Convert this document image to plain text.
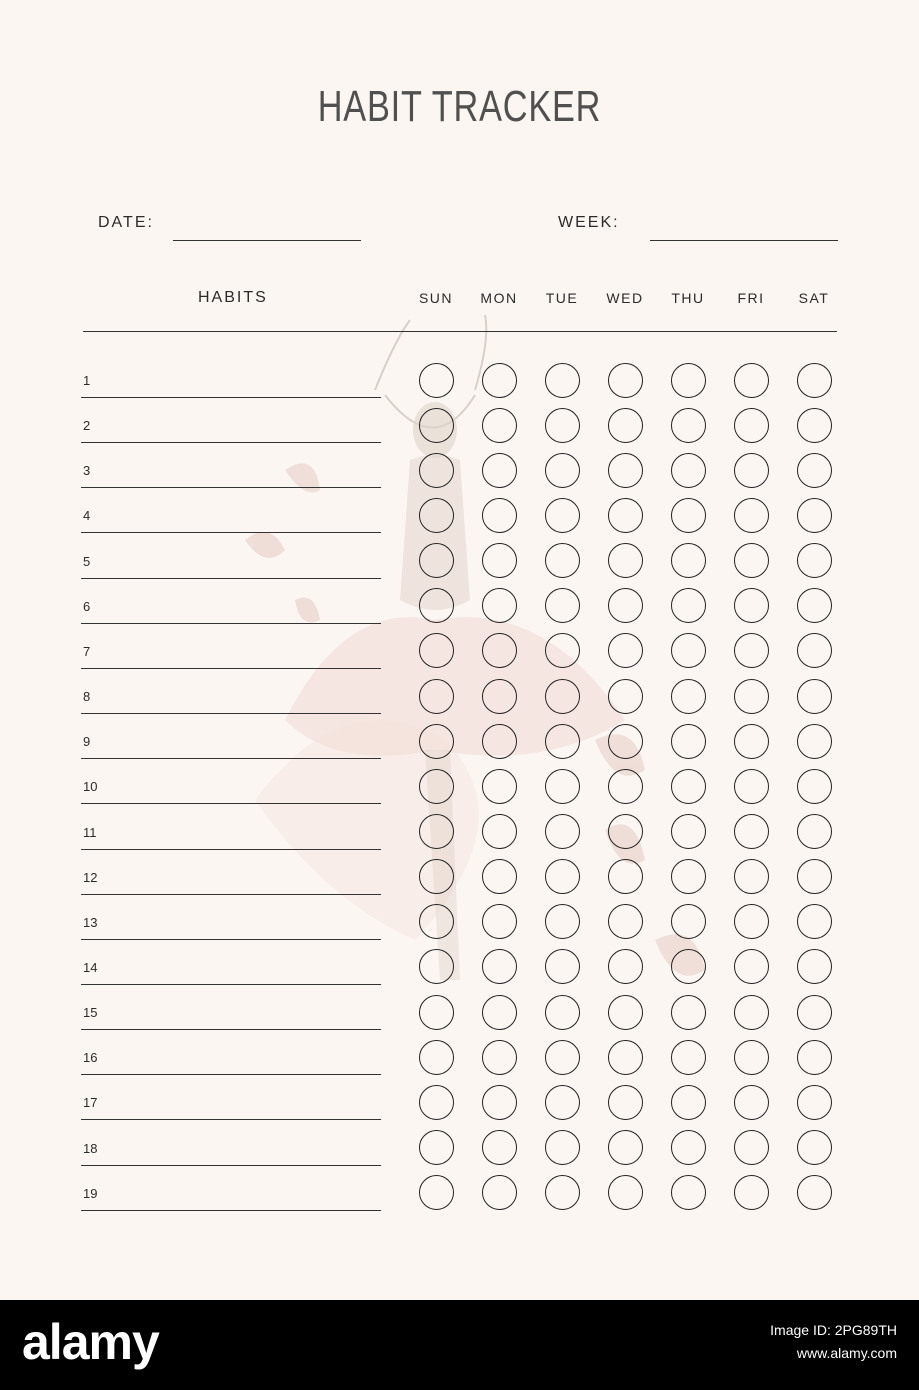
HABIT TRACKER
DATE:	WEEK:
HABITS	SUN	MON	TUE	WED	THU	FRI	SAT
1
2
3
4
5
6
7
8
9
10
11
12
13
14
15
16
17
18
19
alamy	Image ID: 2PG89TH
www.alamy.com
